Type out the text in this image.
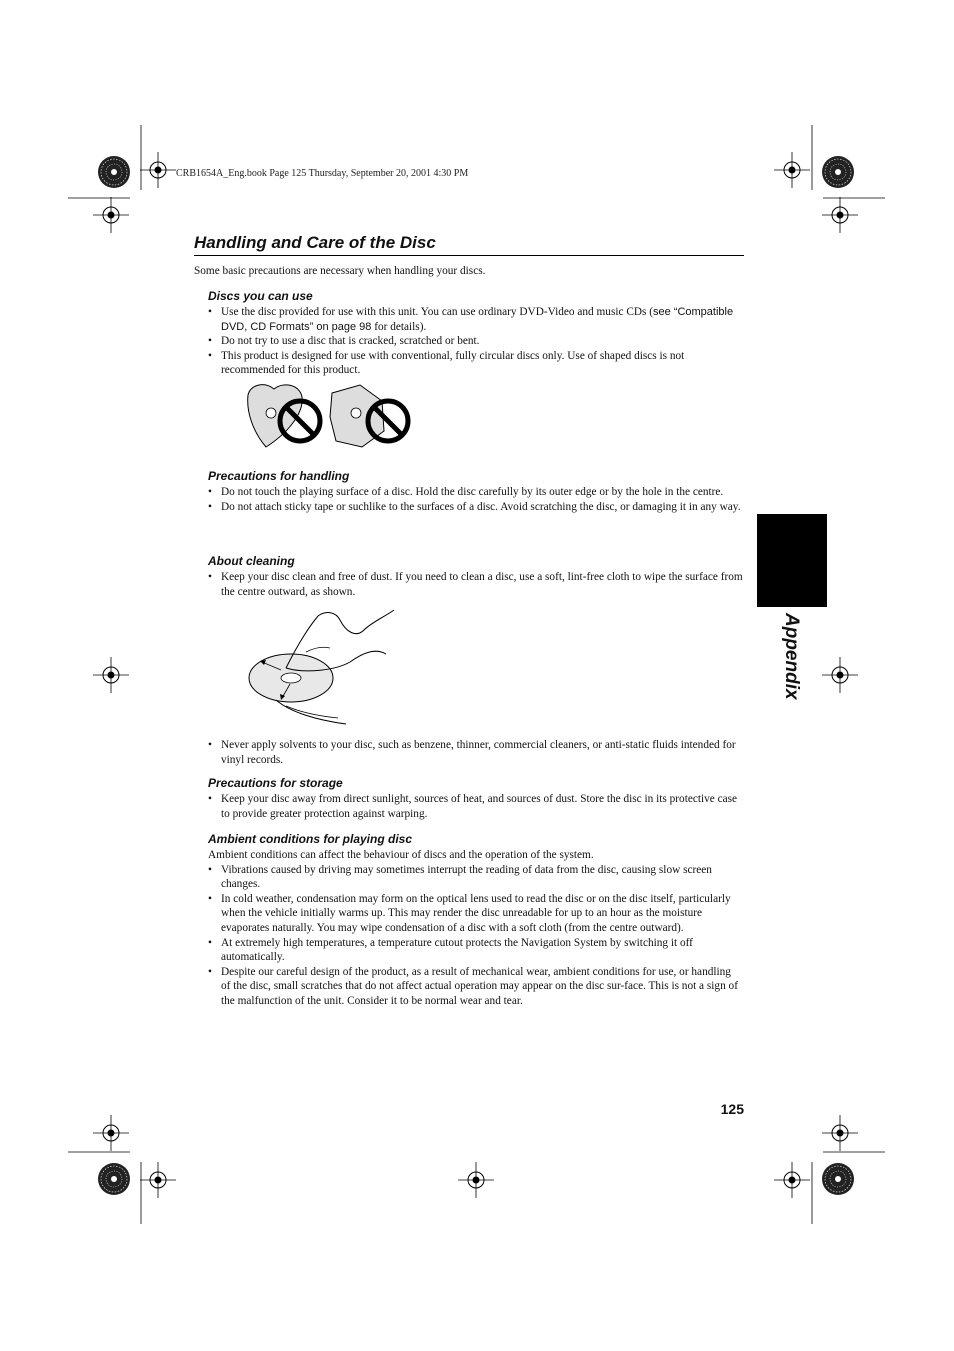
CRB1654A_Eng.book Page 125 Thursday, September 20, 2001 4:30 PM
Handling and Care of the Disc
Some basic precautions are necessary when handling your discs.
Discs you can use
• Use the disc provided for use with this unit. You can use ordinary DVD-Video and music CDs (see “Compatible DVD, CD Formats” on page 98 for details).
• Do not try to use a disc that is cracked, scratched or bent.
• This product is designed for use with conventional, fully circular discs only. Use of shaped discs is not recommended for this product.
Precautions for handling
• Do not touch the playing surface of a disc. Hold the disc carefully by its outer edge or by the hole in the centre.
• Do not attach sticky tape or suchlike to the surfaces of a disc. Avoid scratching the disc, or damaging it in any way.
About cleaning
• Keep your disc clean and free of dust. If you need to clean a disc, use a soft, lint-free cloth to wipe the surface from the centre outward, as shown.
• Never apply solvents to your disc, such as benzene, thinner, commercial cleaners, or anti-static fluids intended for vinyl records.
Precautions for storage
• Keep your disc away from direct sunlight, sources of heat, and sources of dust. Store the disc in its protective case to provide greater protection against warping.
Ambient conditions for playing disc
Ambient conditions can affect the behaviour of discs and the operation of the system.
• Vibrations caused by driving may sometimes interrupt the reading of data from the disc, causing slow screen changes.
• In cold weather, condensation may form on the optical lens used to read the disc or on the disc itself, particularly when the vehicle initially warms up. This may render the disc unreadable for up to an hour as the moisture evaporates naturally. You may wipe condensation of a disc with a soft cloth (from the centre outward).
• At extremely high temperatures, a temperature cutout protects the Navigation System by switching it off automatically.
• Despite our careful design of the product, as a result of mechanical wear, ambient conditions for use, or handling of the disc, small scratches that do not affect actual operation may appear on the disc sur-face. This is not a sign of the malfunction of the unit. Consider it to be normal wear and tear.
Appendix
125
